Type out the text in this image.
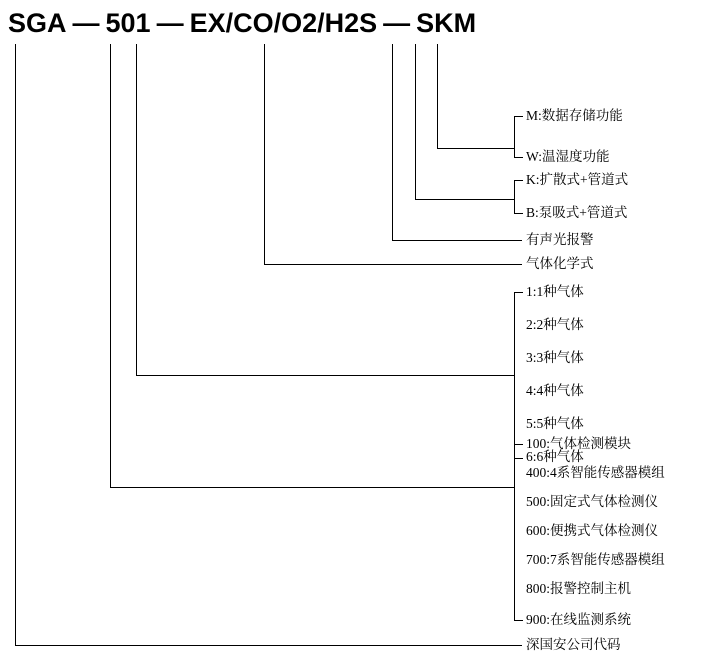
SGA — 501 — EX/CO/O2/H2S — SKM
M:数据存储功能
W:温湿度功能
K:扩散式+管道式
B:泵吸式+管道式
有声光报警
气体化学式
1:1种气体
2:2种气体
3:3种气体
4:4种气体
5:5种气体
6:6种气体
100:气体检测模块
400:4系智能传感器模组
500:固定式气体检测仪
600:便携式气体检测仪
700:7系智能传感器模组
800:报警控制主机
900:在线监测系统
深国安公司代码
